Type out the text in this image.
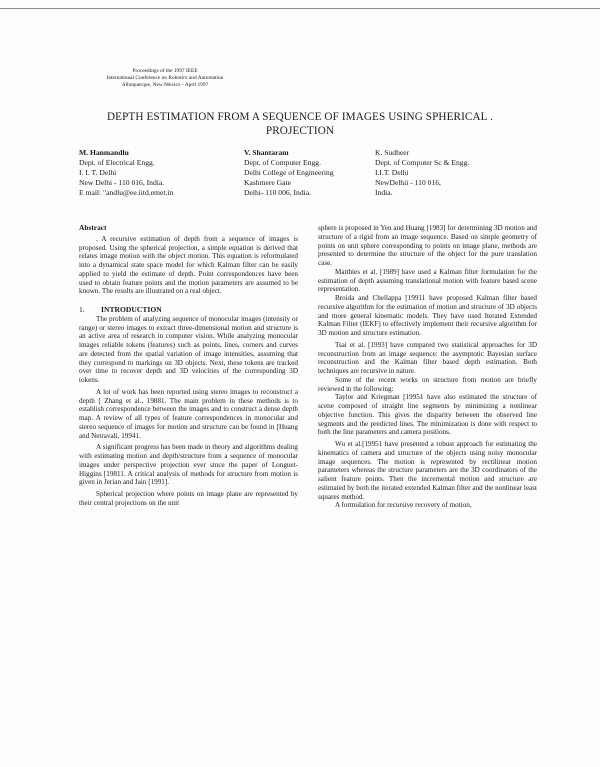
Proceedings of the 1997 IEEE
International Conference on Robotics and Automation
Albuquerque, New Mexico - April 1997
DEPTH ESTIMATION FROM A SEQUENCE OF IMAGES USING SPHERICAL .
PROJECTION
M. Hanmandlu
Dept. of Electrical Engg.
I. I. T. Delhi
New Delhi - 110 016, India.
E mail: "andlu@ee.iitd.emet.in
V. Shantaram
Dept. of Computer Engg.
Delhi College of Engineering
Kashmere Gate
Delhi- 110 006, India.
K. Sudheer
Dept. of Computer Sc & Engg.
I.I.T. Delhi
NewDelhii - 110 016,
India.
Abstract

. A recursive estimation of depth from a sequence of images is proposed. Using the spherical projection, a simple equation is derived that relates image motion with the object motion. This equation is reformulated into a dynamical state space model for which Kalman filter can be easily applied to yield the estimate of depth. Point correspondences have been used to obtain feature points and the motion parameters are assumed to be known. The results are illustrated on a real object.

1. INTRODUCTION

The problem of analyzing sequence of monocular images (intensity or range) or stereo images to extract three-dimensional motion and structure is an active area of research in computer vision. While analyzing monocular images reliable tokens (features) such as points, lines, corners and curves are detected from the spatial variation of image intensities, assuming that they correspond to markings on 3D objects. Next, these tokens are tracked over time to recover depth and 3D velocities of the corresponding 3D tokens.

A lot of work has been reported using stereo images to reconstruct a depth [ Zhang et al., 19881. The main problem in these methods is to establish correspondence between the images and to construct a dense depth map. A review of all types of feature correspondences in monocular and stereo sequence of images for motion and structure can be found in [Huang and Netravali, 19941.

A significant progress has been made in theory and algorithms dealing with estimating motion and depth/structure from a sequence of monocular images under perspective projection ever since the paper of Longuet-Higgins [19811. A critical analysis of methods for structure from motion is given in Jerian and Jain [1991].

Spherical projection where points on image plane are represented by their central projections on the unit

sphere is proposed in Yen and Huang [1983] for determining 3D motion and structure of a rigid from an image sequence. Based on simple geometry of points on unit sphere corresponding to points on image plane, methods are presented to determine the structure of the object for the pure translation case.

Matthies et al. [1989] have used a Kalman filter formulation for the estimation of depth assuming translational motion with feature based scene representation.

Broida and Chellappa [19911 have proposed Kalman filter based recursive algorithm for the estimation of motion and structure of 3D objects and more general kinematic models. They have used Iterated Extended Kalman Filter (IEKF) to effectively implement their recursive algorithm for 3D motion and structure estimation.

Tsai et al. [1993] have compared two statistical approaches for 3D reconstruction from an image sequence: the asymptotic Bayesian surface reconstruction and the Kalman filter based depth estimation. Both techniques are recursive in nature.

Some of the recent works on structure from motion are briefly reviewed in the following:

Taylor and Kriegman [19951 have also estimated the structure of scene composed of straight line segments by minimizing a nonlinear objective function. This gives the disparity between the observed line segments and the predicted lines. The minimization is done with respect to both the line parameters and camera positions.

Wu et al.[19951 have presented a robust approach for estimating the kinematics of camera and structure of the objects using noisy monocular image sequences. The motion is represented by rectilinear motion parameters whereas the structure parameters are the 3D coordinators of the salient feature points. Then the incremental motion and structure are estimated by both the iterated extended Kalman filter and the nonlinear least squares method.

A formulation for recursive recovery of motion,
